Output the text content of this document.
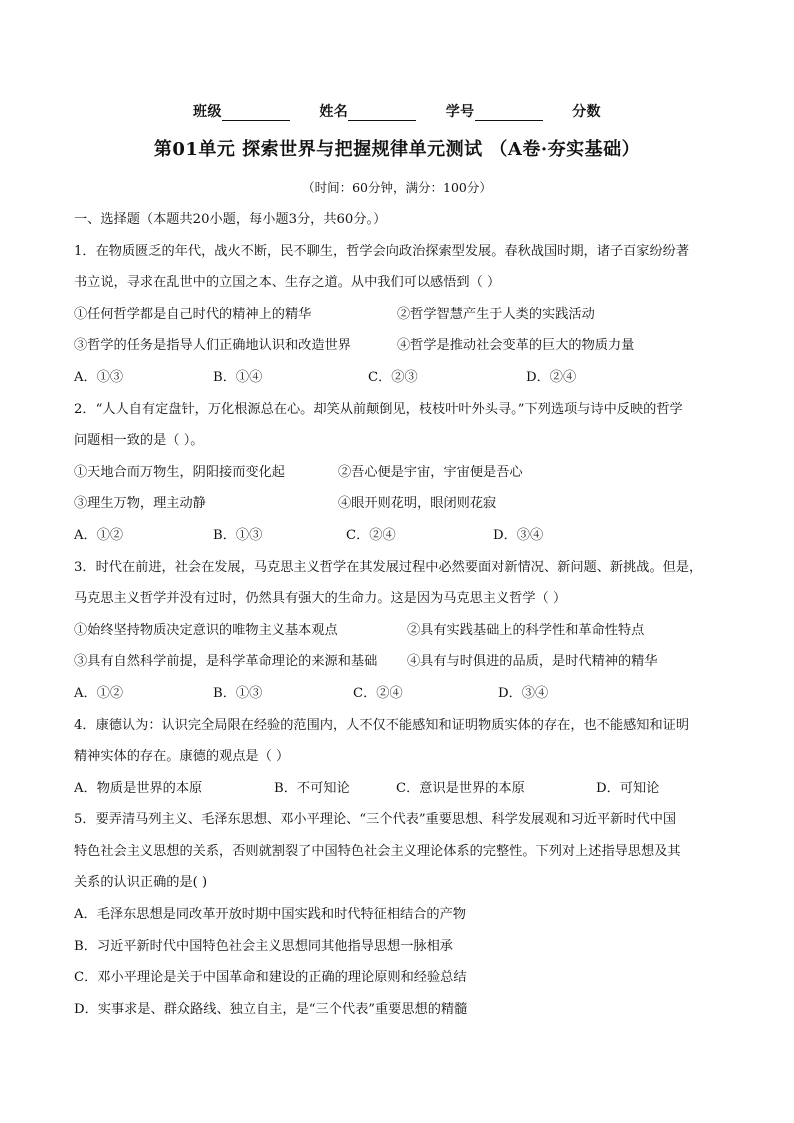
班级	姓名	学号	分数
第01单元 探索世界与把握规律单元测试 （A卷·夯实基础）
（时间：60分钟，满分：100分）
一、选择题（本题共20小题，每小题3分，共60分。）
1．在物质匮乏的年代，战火不断，民不聊生，哲学会向政治探索型发展。春秋战国时期，诸子百家纷纷著
书立说，寻求在乱世中的立国之本、生存之道。从中我们可以感悟到（ ）
①任何哲学都是自己时代的精神上的精华	②哲学智慧产生于人类的实践活动
③哲学的任务是指导人们正确地认识和改造世界	④哲学是推动社会变革的巨大的物质力量
A．①③	B．①④	C．②③	D．②④
2．“人人自有定盘针，万化根源总在心。却笑从前颠倒见，枝枝叶叶外头寻。”下列选项与诗中反映的哲学
问题相一致的是（ ）。
①天地合而万物生，阴阳接而变化起	②吾心便是宇宙，宇宙便是吾心
③理生万物，理主动静	④眼开则花明，眼闭则花寂
A．①②	B．①③	C．②④	D．③④
3．时代在前进，社会在发展，马克思主义哲学在其发展过程中必然要面对新情况、新问题、新挑战。但是，
马克思主义哲学并没有过时，仍然具有强大的生命力。这是因为马克思主义哲学（ ）
①始终坚持物质决定意识的唯物主义基本观点	②具有实践基础上的科学性和革命性特点
③具有自然科学前提，是科学革命理论的来源和基础	④具有与时俱进的品质，是时代精神的精华
A．①②	B．①③	C．②④	D．③④
4．康德认为：认识完全局限在经验的范围内，人不仅不能感知和证明物质实体的存在，也不能感知和证明
精神实体的存在。康德的观点是（ ）
A．物质是世界的本原	B．不可知论	C．意识是世界的本原	D．可知论
5．要弄清马列主义、毛泽东思想、邓小平理论、“三个代表”重要思想、科学发展观和习近平新时代中国
特色社会主义思想的关系，否则就割裂了中国特色社会主义理论体系的完整性。下列对上述指导思想及其
关系的认识正确的是( )
A．毛泽东思想是同改革开放时期中国实践和时代特征相结合的产物
B．习近平新时代中国特色社会主义思想同其他指导思想一脉相承
C．邓小平理论是关于中国革命和建设的正确的理论原则和经验总结
D．实事求是、群众路线、独立自主，是“三个代表”重要思想的精髓
